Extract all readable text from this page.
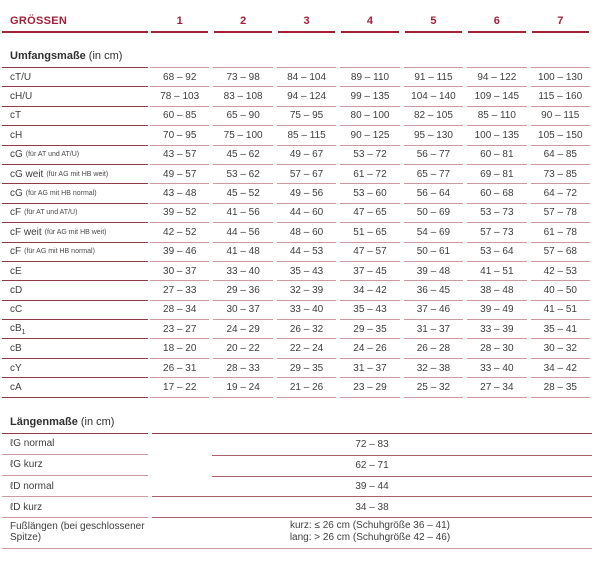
GRÖSSEN	1	2	3	4	5	6	7
Umfangsmaße (in cm)
cT/U	68 – 92	73 – 98	84 – 104	89 – 110	91 – 115	94 – 122	100 – 130
cH/U	78 – 103	83 – 108	94 – 124	99 – 135	104 – 140	109 – 145	115 – 160
cT	60 – 85	65 – 90	75 – 95	80 – 100	82 – 105	85 – 110	90 – 115
cH	70 – 95	75 – 100	85 – 115	90 – 125	95 – 130	100 – 135	105 – 150
cG (für AT und AT/U)	43 – 57	45 – 62	49 – 67	53 – 72	56 – 77	60 – 81	64 – 85
cG weit (für AG mit HB weit)	49 – 57	53 – 62	57 – 67	61 – 72	65 – 77	69 – 81	73 – 85
cG (für AG mit HB normal)	43 – 48	45 – 52	49 – 56	53 – 60	56 – 64	60 – 68	64 – 72
cF (für AT und AT/U)	39 – 52	41 – 56	44 – 60	47 – 65	50 – 69	53 – 73	57 – 78
cF weit (für AG mit HB weit)	42 – 52	44 – 56	48 – 60	51 – 65	54 – 69	57 – 73	61 – 78
cF (für AG mit HB normal)	39 – 46	41 – 48	44 – 53	47 – 57	50 – 61	53 – 64	57 – 68
cE	30 – 37	33 – 40	35 – 43	37 – 45	39 – 48	41 – 51	42 – 53
cD	27 – 33	29 – 36	32 – 39	34 – 42	36 – 45	38 – 48	40 – 50
cC	28 – 34	30 – 37	33 – 40	35 – 43	37 – 46	39 – 49	41 – 51
$cB_1$	23 – 27	24 – 29	26 – 32	29 – 35	31 – 37	33 – 39	35 – 41
cB	18 – 20	20 – 22	22 – 24	24 – 26	26 – 28	28 – 30	30 – 32
cY	26 – 31	28 – 33	29 – 35	31 – 37	32 – 38	33 – 40	34 – 42
cA	17 – 22	19 – 24	21 – 26	23 – 29	25 – 32	27 – 34	28 – 35
Längenmaße (in cm)
ℓG normal	72 – 83
ℓG kurz	62 – 71
ℓD normal	39 – 44
ℓD kurz	34 – 38
Fußlängen (bei geschlossener Spitze)
kurz: ≤ 26 cm (Schuhgröße 36 – 41)
lang: > 26 cm (Schuhgröße 42 – 46)
